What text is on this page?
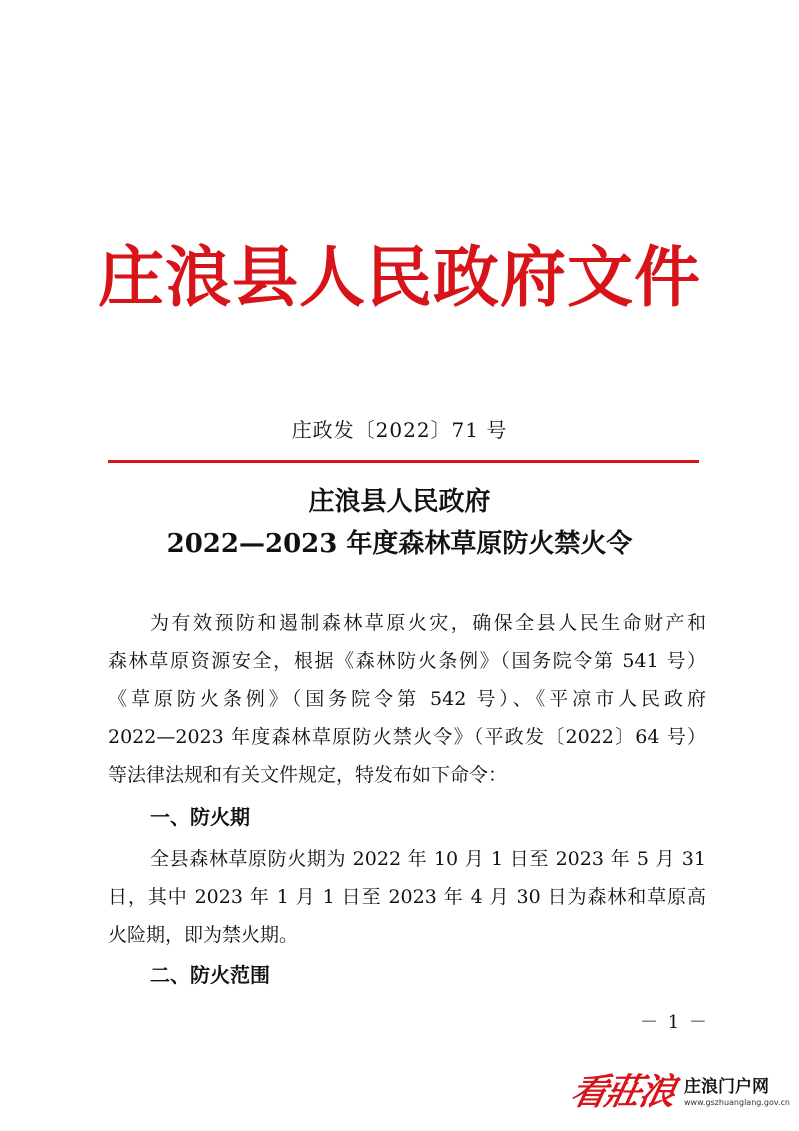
庄浪县人民政府文件
庄政发〔2022〕71 号
庄浪县人民政府
2022—2023 年度森林草原防火禁火令
为有效预防和遏制森林草原火灾，确保全县人民生命财产和
森林草原资源安全，根据《森林防火条例》（国务院令第 541 号）
《草原防火条例》（国务院令第 542 号）、《平凉市人民政府
2022—2023 年度森林草原防火禁火令》（平政发〔2022〕64 号）
等法律法规和有关文件规定，特发布如下命令：
一、防火期
全县森林草原防火期为 2022 年 10 月 1 日至 2023 年 5 月 31
日，其中 2023 年 1 月 1 日至 2023 年 4 月 30 日为森林和草原高
火险期，即为禁火期。
二、防火范围
－ 1 －
看莊浪 庄浪门户网
www.gszhuanglang.gov.cn
